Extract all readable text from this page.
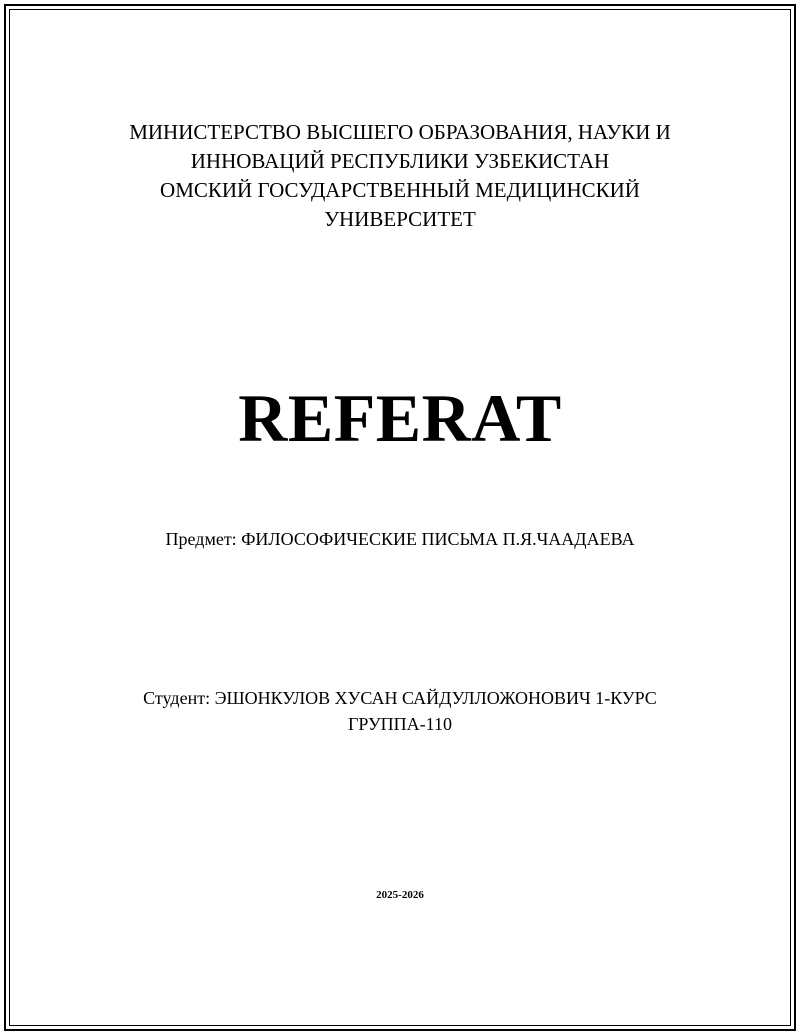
МИНИСТЕРСТВО ВЫСШЕГО ОБРАЗОВАНИЯ, НАУКИ И
ИННОВАЦИЙ РЕСПУБЛИКИ УЗБЕКИСТАН
ОМСКИЙ ГОСУДАРСТВЕННЫЙ МЕДИЦИНСКИЙ
УНИВЕРСИТЕТ
REFERAT
Предмет: ФИЛОСОФИЧЕСКИЕ ПИСЬМА П.Я.ЧААДАЕВА
Студент: ЭШОНКУЛОВ ХУСАН САЙДУЛЛОЖОНОВИЧ 1-КУРС
ГРУППА-110
2025-2026
